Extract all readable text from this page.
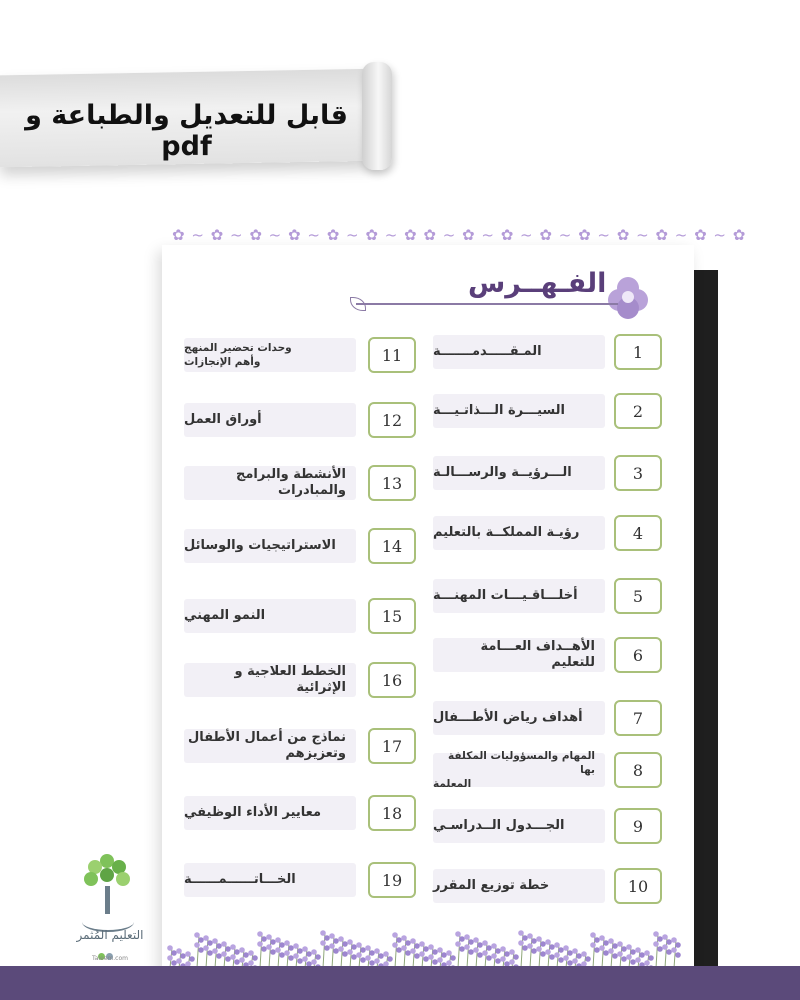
قابل للتعديل والطباعة و pdf
✿ ~ ✿ ~ ✿ ~ ✿ ~ ✿ ~ ✿ ~ ✿ ✿ ~ ✿ ~ ✿ ~ ✿ ~ ✿ ~ ✿ ~ ✿ ~ ✿ ~ ✿
الفـهــرس
11
وحدات تحضير المنهج
وأهم الإنجازات
12
أوراق العمل
13
الأنشطة والبرامج والمبادرات
14
الاستراتيجيات والوسائل
15
النمو المهني
16
الخطط العلاجية و الإثرائية
17
نماذج من أعمال الأطفال وتعزيزهم
18
معايير الأداء الوظيفي
19
الخـــاتــــــمــــــة
1
المـقـــــدمـــــــة
2
السيـــرة الـــذاتـيـــة
3
الـــرؤيــة والرســـالـة
4
رؤيـة المملكــة بالتعليم
5
أخلـــاقـيـــات المهنـــة
6
الأهــداف العـــامة للتعليم
7
أهداف رياض الأطـــفال
8
المهام والمسؤوليات المكلفة بها
المعلمة
9
الجـــدول الــدراسـي
10
خطة توزيع المقرر
التعليم المُثمر
Taleem.com
